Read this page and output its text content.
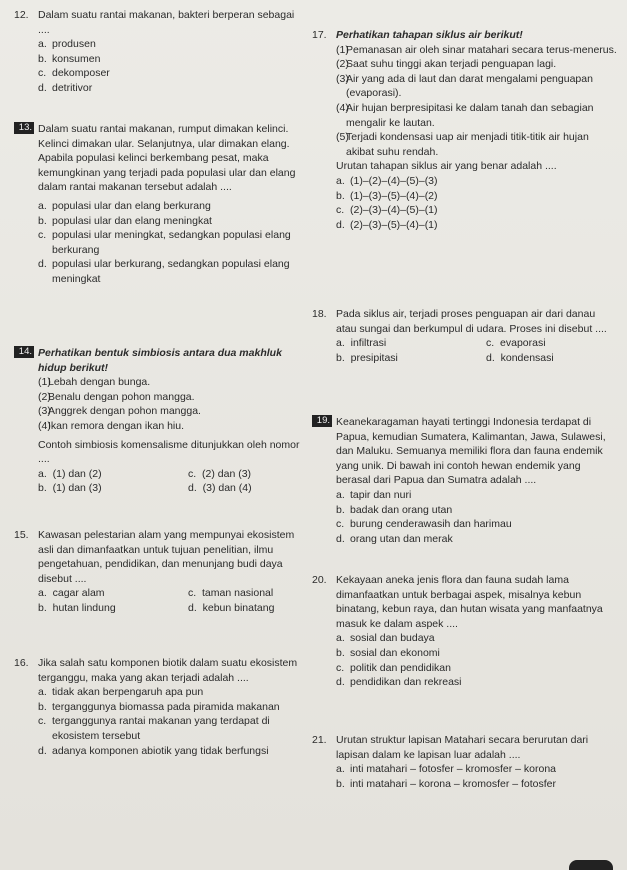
12. Dalam suatu rantai makanan, bakteri berperan sebagai ....
a. produsen
b. konsumen
c. dekomposer
d. detritivor
13. Dalam suatu rantai makanan, rumput dimakan kelinci. Kelinci dimakan ular. Selanjutnya, ular dimakan elang. Apabila populasi kelinci berkembang pesat, maka kemungkinan yang terjadi pada populasi ular dan elang dalam rantai makanan tersebut adalah ....
a. populasi ular dan elang berkurang
b. populasi ular dan elang meningkat
c. populasi ular meningkat, sedangkan populasi elang berkurang
d. populasi ular berkurang, sedangkan populasi elang meningkat
14. Perhatikan bentuk simbiosis antara dua makhluk hidup berikut!
(1)
Lebah dengan bunga.
(2)
Benalu dengan pohon mangga.
(3)
Anggrek dengan pohon mangga.
(4)
Ikan remora dengan ikan hiu.
Contoh simbiosis komensalisme ditunjukkan oleh nomor ....
a. (1) dan (2)	c. (2) dan (3)
b. (1) dan (3)	d. (3) dan (4)
15. Kawasan pelestarian alam yang mempunyai ekosistem asli dan dimanfaatkan untuk tujuan penelitian, ilmu pengetahuan, pendidikan, dan menunjang budi daya disebut ....
a. cagar alam	c. taman nasional
b. hutan lindung	d. kebun binatang
16. Jika salah satu komponen biotik dalam suatu ekosistem terganggu, maka yang akan terjadi adalah ....
a. tidak akan berpengaruh apa pun
b. terganggunya biomassa pada piramida makanan
c. terganggunya rantai makanan yang terdapat di ekosistem tersebut
d. adanya komponen abiotik yang tidak berfungsi
17. Perhatikan tahapan siklus air berikut!
(1)
Pemanasan air oleh sinar matahari secara terus-menerus.
(2)
Saat suhu tinggi akan terjadi penguapan lagi.
(3)
Air yang ada di laut dan darat mengalami penguapan (evaporasi).
(4)
Air hujan berpresipitasi ke dalam tanah dan sebagian mengalir ke lautan.
(5)
Terjadi kondensasi uap air menjadi titik-titik air hujan akibat suhu rendah.
Urutan tahapan siklus air yang benar adalah ....
a. (1)–(2)–(4)–(5)–(3)
b. (1)–(3)–(5)–(4)–(2)
c. (2)–(3)–(4)–(5)–(1)
d. (2)–(3)–(5)–(4)–(1)
18. Pada siklus air, terjadi proses penguapan air dari danau atau sungai dan berkumpul di udara. Proses ini disebut ....
a. infiltrasi	c. evaporasi
b. presipitasi	d. kondensasi
19. Keanekaragaman hayati tertinggi Indonesia terdapat di Papua, kemudian Sumatera, Kalimantan, Jawa, Sulawesi, dan Maluku. Semuanya memiliki flora dan fauna endemik yang unik. Di bawah ini contoh hewan endemik yang berasal dari Papua dan Sumatra adalah ....
a. tapir dan nuri
b. badak dan orang utan
c. burung cenderawasih dan harimau
d. orang utan dan merak
20. Kekayaan aneka jenis flora dan fauna sudah lama dimanfaatkan untuk berbagai aspek, misalnya kebun binatang, kebun raya, dan hutan wisata yang manfaatnya masuk ke dalam aspek ....
a. sosial dan budaya
b. sosial dan ekonomi
c. politik dan pendidikan
d. pendidikan dan rekreasi
21. Urutan struktur lapisan Matahari secara berurutan dari lapisan dalam ke lapisan luar adalah ....
a. inti matahari – fotosfer – kromosfer – korona
b. inti matahari – korona – kromosfer – fotosfer
